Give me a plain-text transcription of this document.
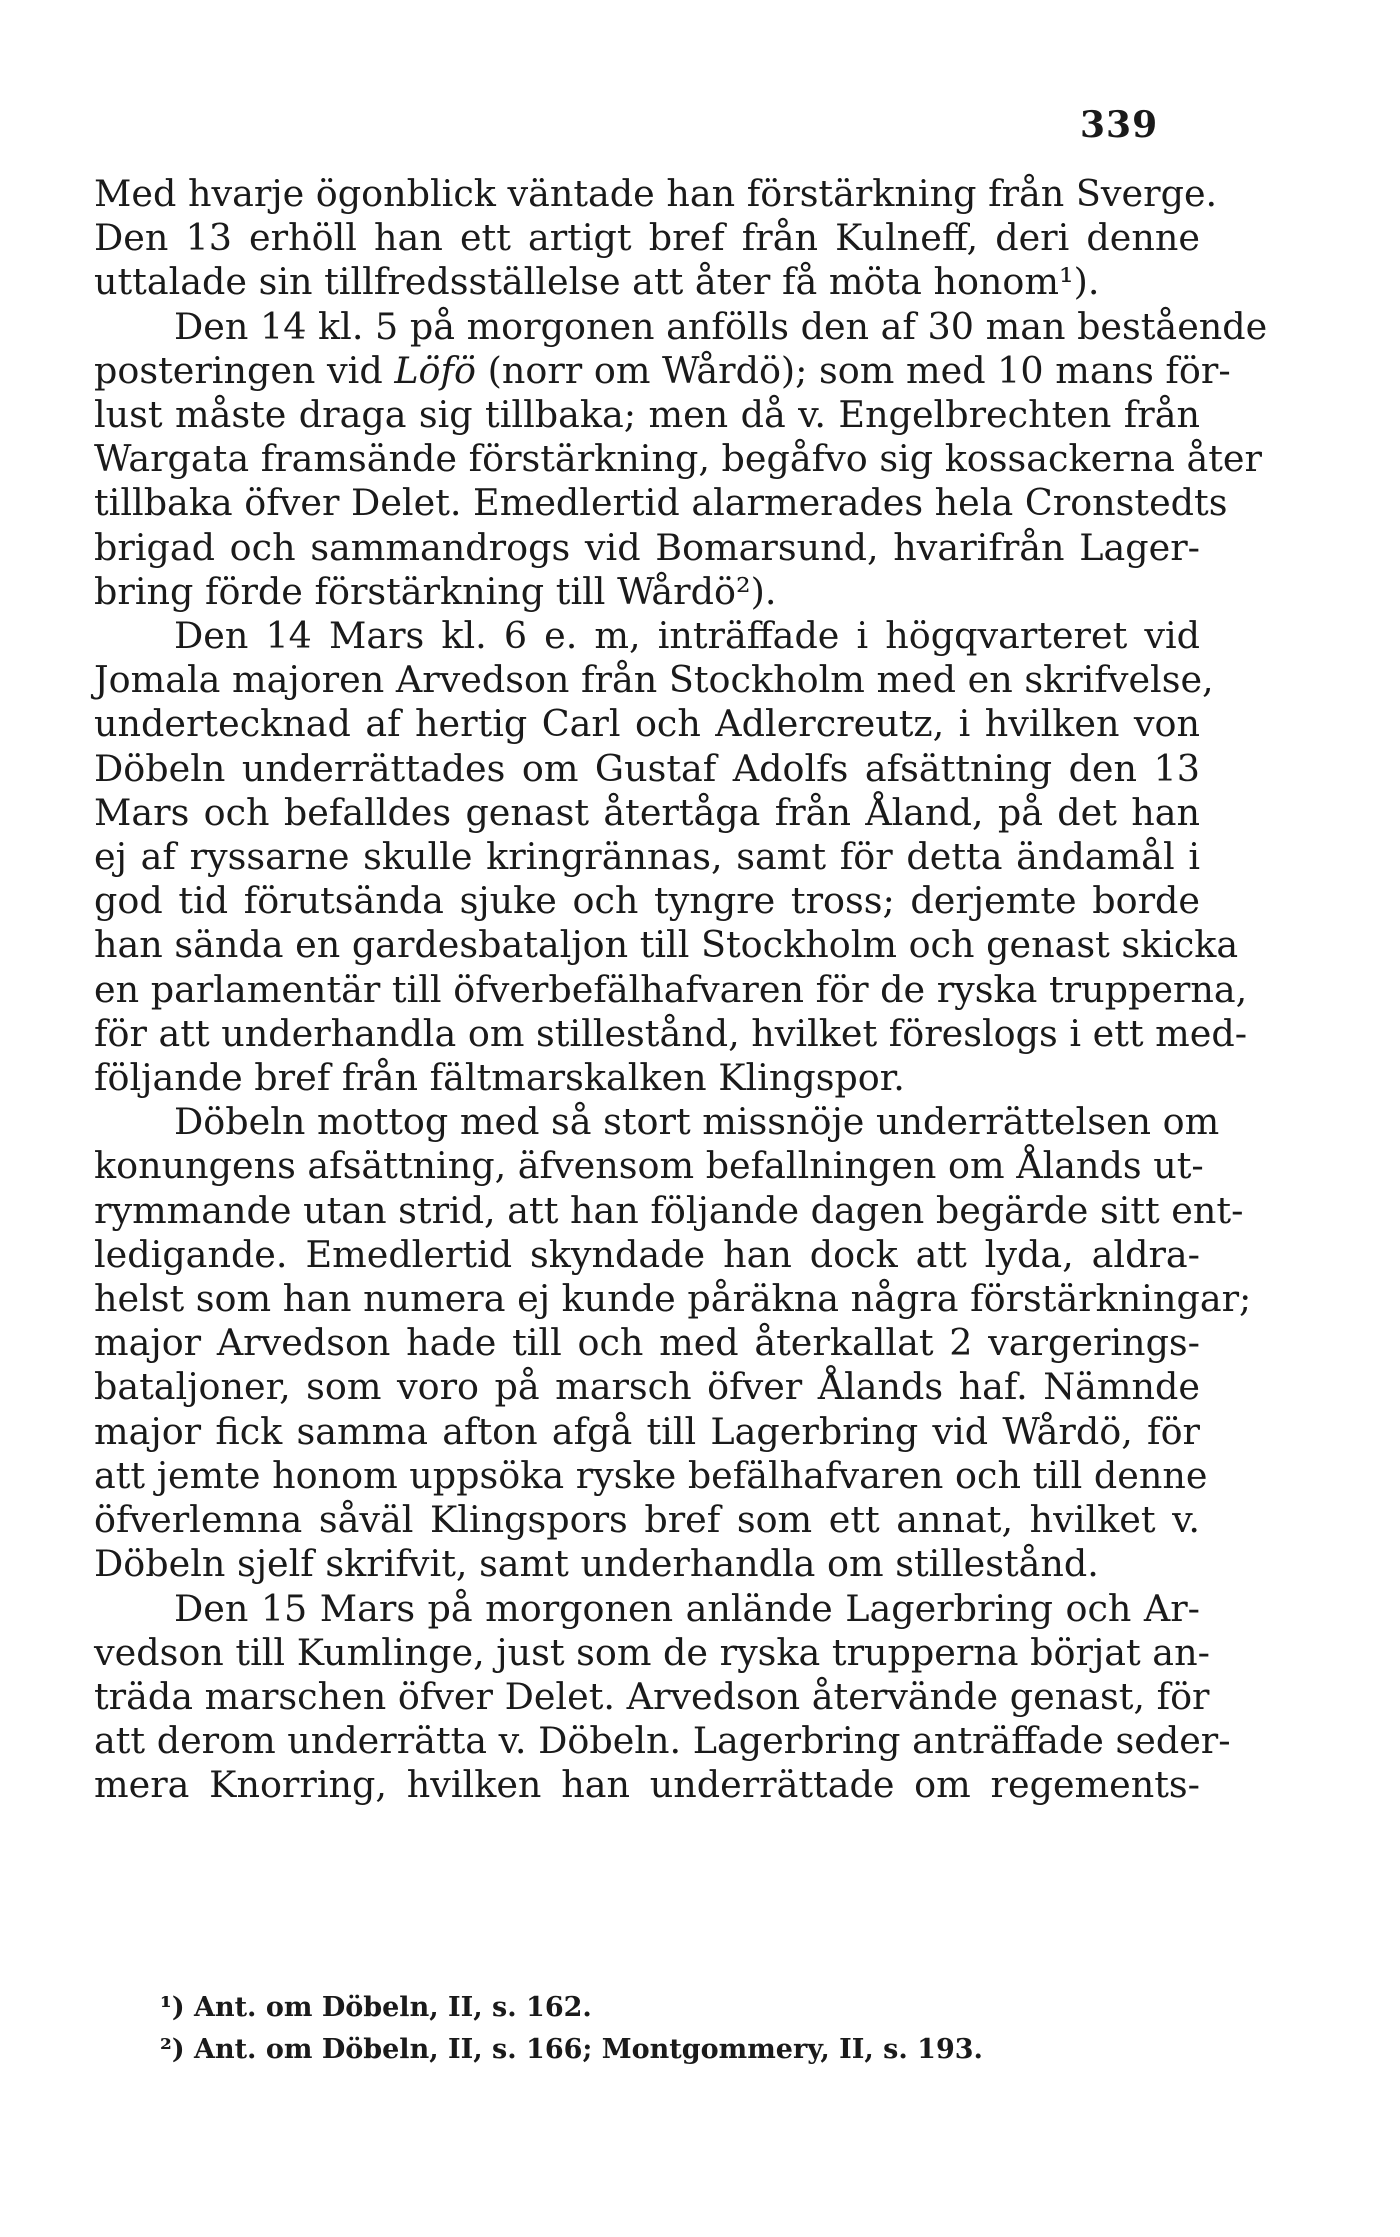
339
Med hvarje ögonblick väntade han förstärkning från Sverge.
Den 13 erhöll han ett artigt bref från Kulneff, deri denne
uttalade sin tillfredsställelse att åter få möta honom¹).
Den 14 kl. 5 på morgonen anfölls den af 30 man bestående
posteringen vid Löfö (norr om Wårdö); som med 10 mans för-
lust måste draga sig tillbaka; men då v. Engelbrechten från
Wargata framsände förstärkning, begåfvo sig kossackerna åter
tillbaka öfver Delet. Emedlertid alarmerades hela Cronstedts
brigad och sammandrogs vid Bomarsund, hvarifrån Lager-
bring förde förstärkning till Wårdö²).
Den 14 Mars kl. 6 e. m, inträffade i högqvarteret vid
Jomala majoren Arvedson från Stockholm med en skrifvelse,
undertecknad af hertig Carl och Adlercreutz, i hvilken von
Döbeln underrättades om Gustaf Adolfs afsättning den 13
Mars och befalldes genast återtåga från Åland, på det han
ej af ryssarne skulle kringrännas, samt för detta ändamål i
god tid förutsända sjuke och tyngre tross; derjemte borde
han sända en gardesbataljon till Stockholm och genast skicka
en parlamentär till öfverbefälhafvaren för de ryska trupperna,
för att underhandla om stillestånd, hvilket föreslogs i ett med-
följande bref från fältmarskalken Klingspor.
Döbeln mottog med så stort missnöje underrättelsen om
konungens afsättning, äfvensom befallningen om Ålands ut-
rymmande utan strid, att han följande dagen begärde sitt ent-
ledigande. Emedlertid skyndade han dock att lyda, aldra-
helst som han numera ej kunde påräkna några förstärkningar;
major Arvedson hade till och med återkallat 2 vargerings-
bataljoner, som voro på marsch öfver Ålands haf. Nämnde
major fick samma afton afgå till Lagerbring vid Wårdö, för
att jemte honom uppsöka ryske befälhafvaren och till denne
öfverlemna såväl Klingspors bref som ett annat, hvilket v.
Döbeln sjelf skrifvit, samt underhandla om stillestånd.
Den 15 Mars på morgonen anlände Lagerbring och Ar-
vedson till Kumlinge, just som de ryska trupperna börjat an-
träda marschen öfver Delet. Arvedson återvände genast, för
att derom underrätta v. Döbeln. Lagerbring anträffade seder-
mera Knorring, hvilken han underrättade om regements-
¹) Ant. om Döbeln, II, s. 162.
²) Ant. om Döbeln, II, s. 166; Montgommery, II, s. 193.
